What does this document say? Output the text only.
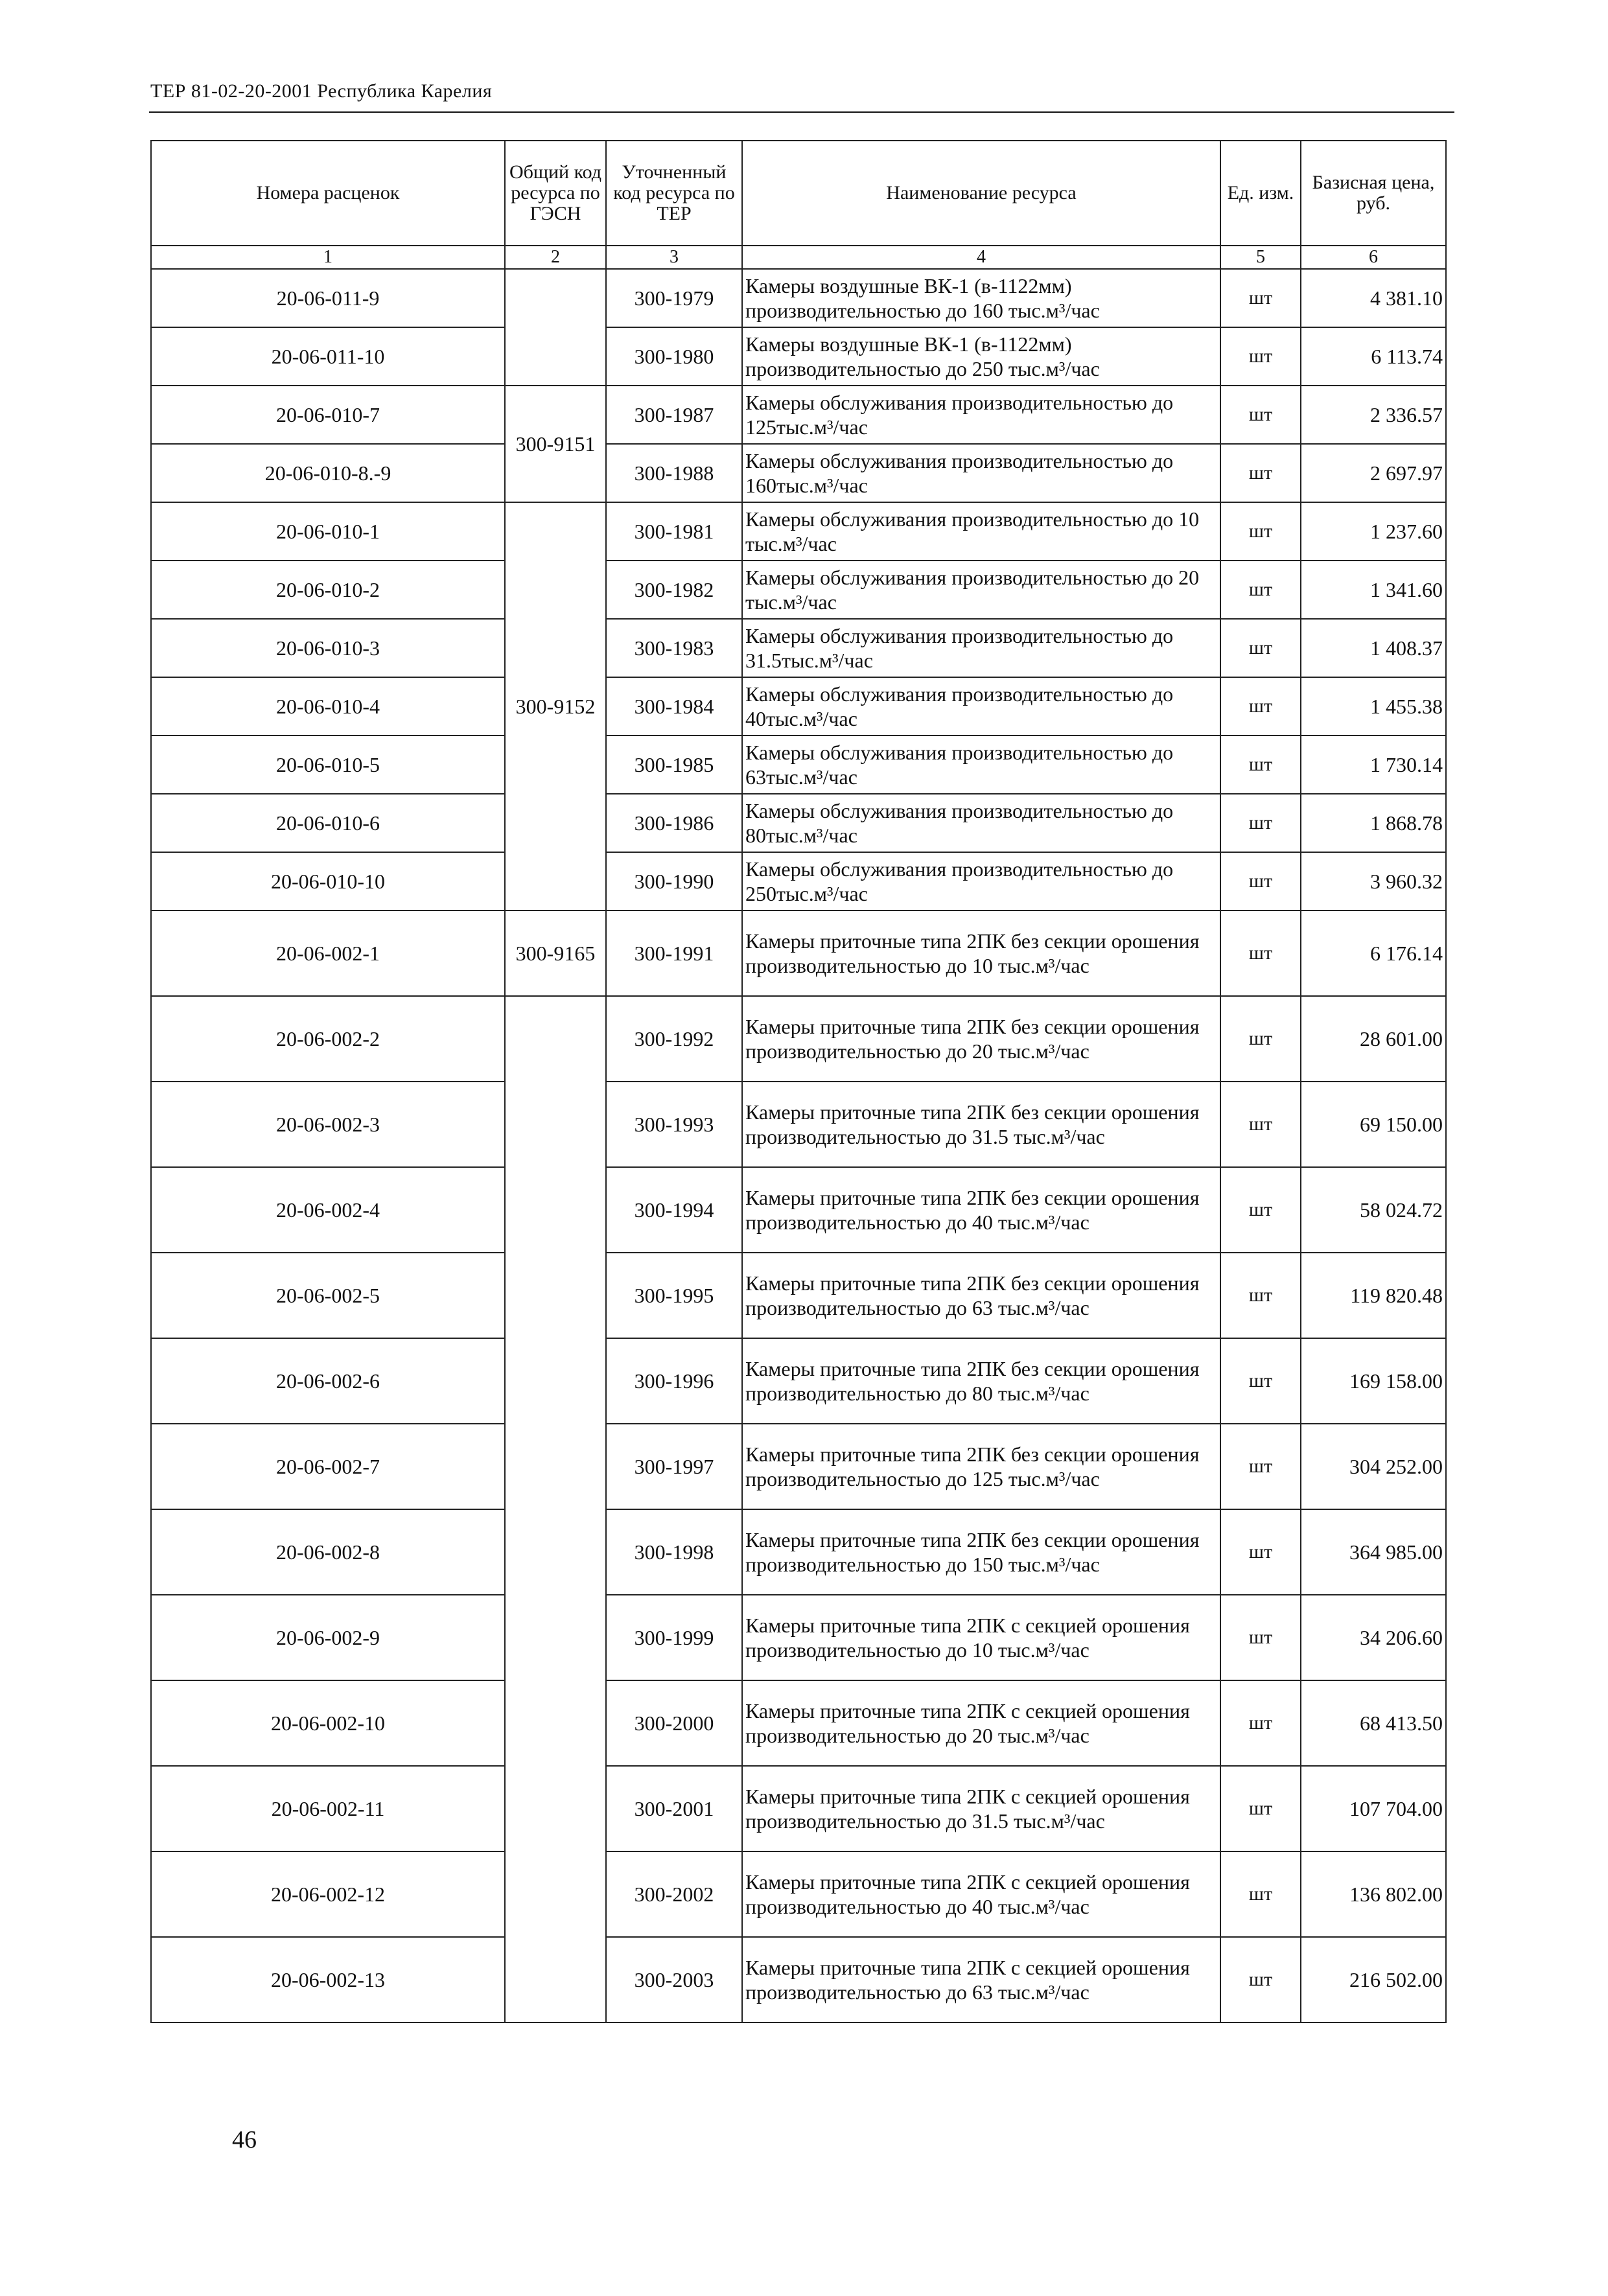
ТЕР 81-02-20-2001 Республика Карелия
Номера расценок	Общий код ресурса по ГЭСН	Уточненный код ресурса по ТЕР	Наименование ресурса	Ед. изм.	Базисная цена, руб.
1	2	3	4	5	6
20-06-011-9		300-1979	Камеры воздушные ВК-1 (в-1122мм) производительностью до 160 тыс.м³/час	шт	4 381.10
20-06-011-10		300-1980	Камеры воздушные ВК-1 (в-1122мм) производительностью до 250 тыс.м³/час	шт	6 113.74
20-06-010-7	300-9151	300-1987	Камеры обслуживания производительностью до 125тыс.м³/час	шт	2 336.57
20-06-010-8.-9		300-1988	Камеры обслуживания производительностью до 160тыс.м³/час	шт	2 697.97
20-06-010-1	300-9152	300-1981	Камеры обслуживания производительностью до 10 тыс.м³/час	шт	1 237.60
20-06-010-2		300-1982	Камеры обслуживания производительностью до 20 тыс.м³/час	шт	1 341.60
20-06-010-3		300-1983	Камеры обслуживания производительностью до 31.5тыс.м³/час	шт	1 408.37
20-06-010-4		300-1984	Камеры обслуживания производительностью до 40тыс.м³/час	шт	1 455.38
20-06-010-5		300-1985	Камеры обслуживания производительностью до 63тыс.м³/час	шт	1 730.14
20-06-010-6		300-1986	Камеры обслуживания производительностью до 80тыс.м³/час	шт	1 868.78
20-06-010-10		300-1990	Камеры обслуживания производительностью до 250тыс.м³/час	шт	3 960.32
20-06-002-1	300-9165	300-1991	Камеры приточные типа 2ПК без секции орошения производительностью до 10 тыс.м³/час	шт	6 176.14
20-06-002-2		300-1992	Камеры приточные типа 2ПК без секции орошения производительностью до 20 тыс.м³/час	шт	28 601.00
20-06-002-3		300-1993	Камеры приточные типа 2ПК без секции орошения производительностью до 31.5 тыс.м³/час	шт	69 150.00
20-06-002-4		300-1994	Камеры приточные типа 2ПК без секции орошения производительностью до 40 тыс.м³/час	шт	58 024.72
20-06-002-5		300-1995	Камеры приточные типа 2ПК без секции орошения производительностью до 63 тыс.м³/час	шт	119 820.48
20-06-002-6		300-1996	Камеры приточные типа 2ПК без секции орошения производительностью до 80 тыс.м³/час	шт	169 158.00
20-06-002-7		300-1997	Камеры приточные типа 2ПК без секции орошения производительностью до 125 тыс.м³/час	шт	304 252.00
20-06-002-8		300-1998	Камеры приточные типа 2ПК без секции орошения производительностью до 150 тыс.м³/час	шт	364 985.00
20-06-002-9		300-1999	Камеры приточные типа 2ПК с секцией орошения производительностью до 10 тыс.м³/час	шт	34 206.60
20-06-002-10		300-2000	Камеры приточные типа 2ПК с секцией орошения производительностью до 20 тыс.м³/час	шт	68 413.50
20-06-002-11		300-2001	Камеры приточные типа 2ПК с секцией орошения производительностью до 31.5 тыс.м³/час	шт	107 704.00
20-06-002-12		300-2002	Камеры приточные типа 2ПК с секцией орошения производительностью до 40 тыс.м³/час	шт	136 802.00
20-06-002-13		300-2003	Камеры приточные типа 2ПК с секцией орошения производительностью до 63 тыс.м³/час	шт	216 502.00
46
